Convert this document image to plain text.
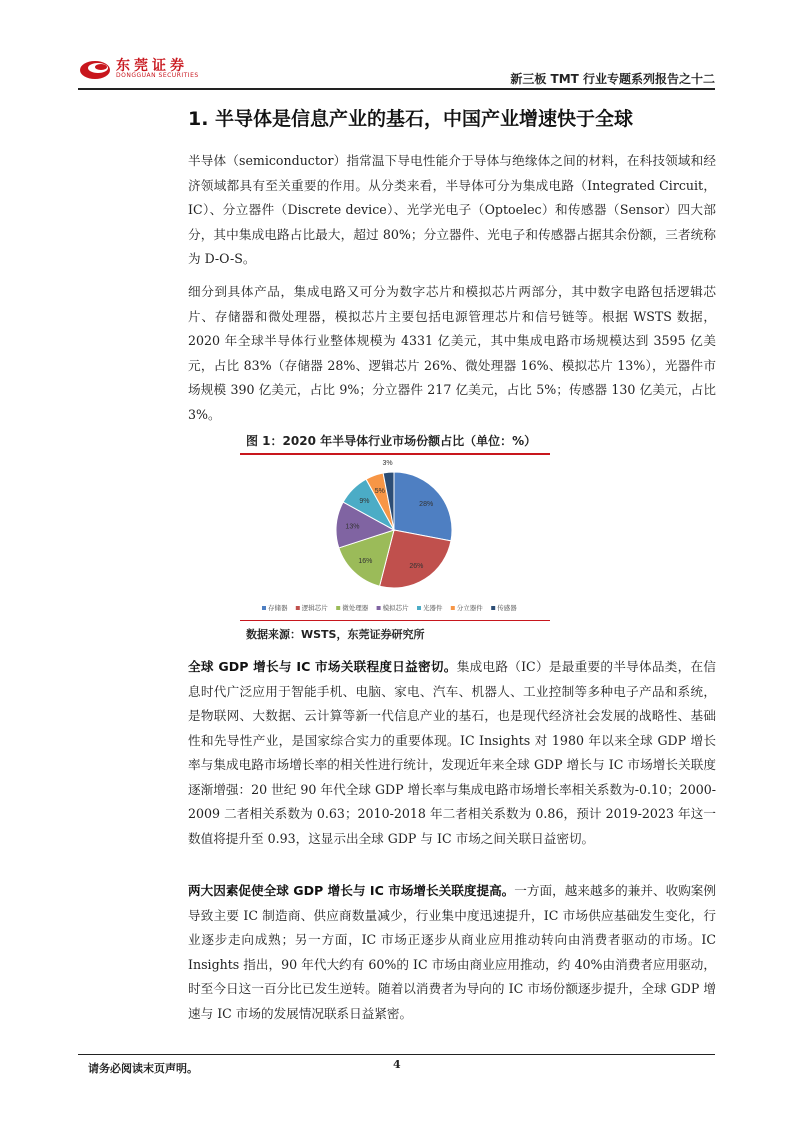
东莞证券
DONGGUAN SECURITIES	新三板 TMT 行业专题系列报告之十二
1. 半导体是信息产业的基石，中国产业增速快于全球

半导体（semiconductor）指常温下导电性能介于导体与绝缘体之间的材料，在科技领域和经济领域都具有至关重要的作用。从分类来看，半导体可分为集成电路（Integrated Circuit，IC）、分立器件（Discrete device）、光学光电子（Optoelec）和传感器（Sensor）四大部分，其中集成电路占比最大，超过 80%；分立器件、光电子和传感器占据其余份额，三者统称为 D-O-S。

细分到具体产品，集成电路又可分为数字芯片和模拟芯片两部分，其中数字电路包括逻辑芯片、存储器和微处理器，模拟芯片主要包括电源管理芯片和信号链等。根据 WSTS 数据，2020 年全球半导体行业整体规模为 4331 亿美元，其中集成电路市场规模达到 3595 亿美元，占比 83%（存储器 28%、逻辑芯片 26%、微处理器 16%、模拟芯片 13%），光器件市场规模 390 亿美元，占比 9%；分立器件 217 亿美元，占比 5%；传感器 130 亿美元，占比 3%。

图 1：2020 年半导体行业市场份额占比（单位：%）
28%
26%
16%
13%
9%
5%
3%
存储器 逻辑芯片 微处理器 模拟芯片 光器件 分立器件 传感器
数据来源：WSTS，东莞证券研究所

全球 GDP 增长与 IC 市场关联程度日益密切。集成电路（IC）是最重要的半导体品类，在信息时代广泛应用于智能手机、电脑、家电、汽车、机器人、工业控制等多种电子产品和系统，是物联网、大数据、云计算等新一代信息产业的基石，也是现代经济社会发展的战略性、基础性和先导性产业，是国家综合实力的重要体现。IC Insights 对 1980 年以来全球 GDP 增长率与集成电路市场增长率的相关性进行统计，发现近年来全球 GDP 增长与 IC 市场增长关联度逐渐增强：20 世纪 90 年代全球 GDP 增长率与集成电路市场增长率相关系数为-0.10；2000-2009 二者相关系数为 0.63；2010-2018 年二者相关系数为 0.86，预计 2019-2023 年这一数值将提升至 0.93，这显示出全球 GDP 与 IC 市场之间关联日益密切。

两大因素促使全球 GDP 增长与 IC 市场增长关联度提高。一方面，越来越多的兼并、收购案例导致主要 IC 制造商、供应商数量减少，行业集中度迅速提升，IC 市场供应基础发生变化，行业逐步走向成熟；另一方面，IC 市场正逐步从商业应用推动转向由消费者驱动的市场。IC Insights 指出，90 年代大约有 60%的 IC 市场由商业应用推动，约 40%由消费者应用驱动，时至今日这一百分比已发生逆转。随着以消费者为导向的 IC 市场份额逐步提升，全球 GDP 增速与 IC 市场的发展情况联系日益紧密。

请务必阅读末页声明。	4
